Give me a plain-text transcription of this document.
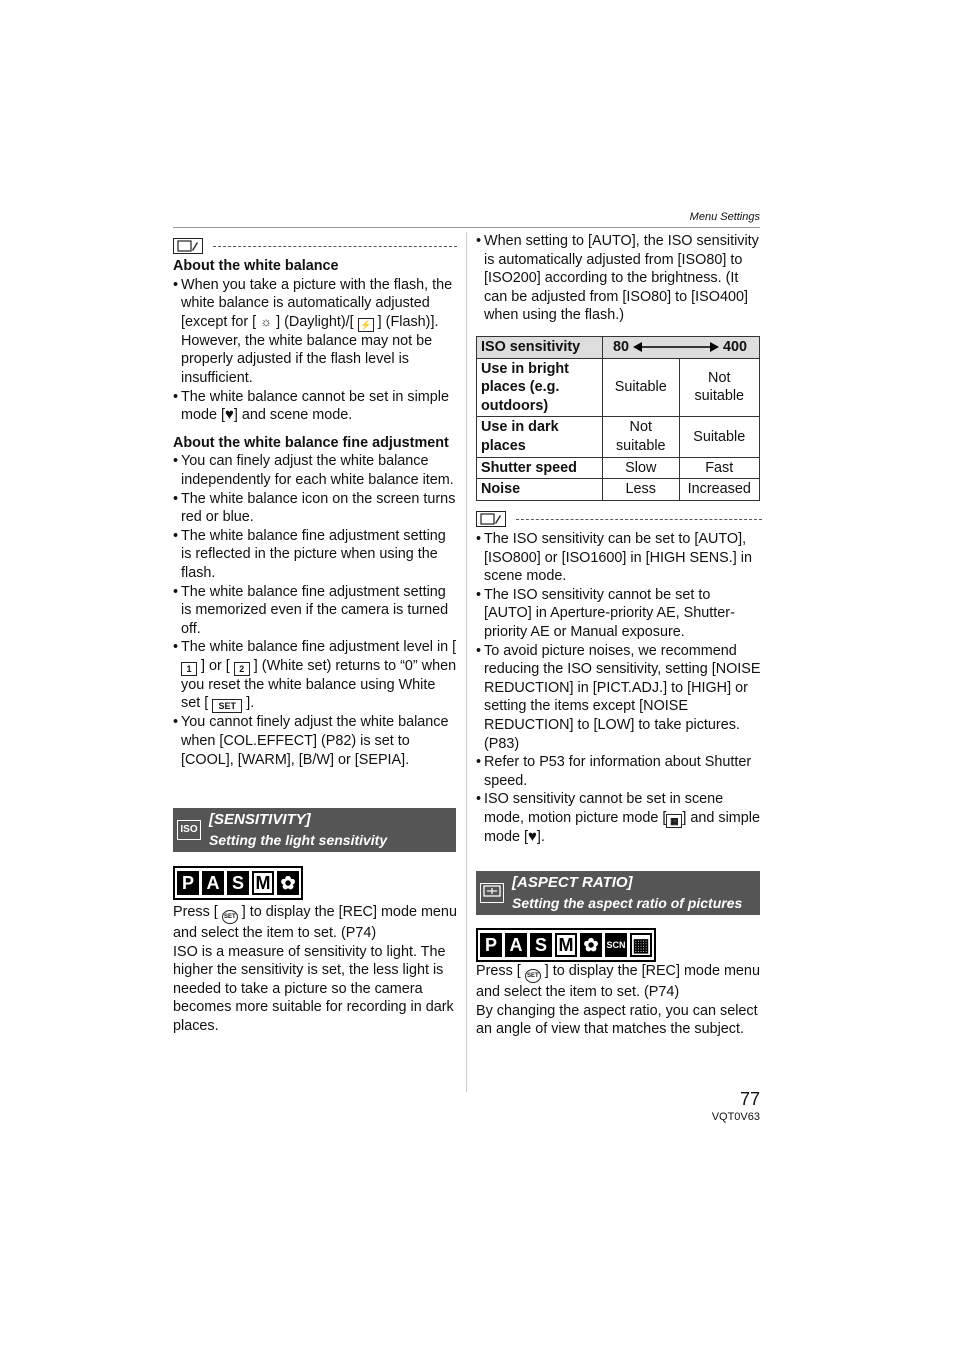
Menu Settings

About the white balance

• When you take a picture with the flash, the white balance is automatically adjusted [except for [ ☼ ] (Daylight)/[ ⚡ ] (Flash)]. However, the white balance may not be properly adjusted if the flash level is insufficient.

• The white balance cannot be set in simple mode [♥] and scene mode.

About the white balance fine adjustment

• You can finely adjust the white balance independently for each white balance item.

• The white balance icon on the screen turns red or blue.

• The white balance fine adjustment setting is reflected in the picture when using the flash.

• The white balance fine adjustment setting is memorized even if the camera is turned off.

• The white balance fine adjustment level in [ 1 ] or [ 2 ] (White set) returns to “0” when you reset the white balance using White set [ SET ].

• You cannot finely adjust the white balance when [COL.EFFECT] (P82) is set to [COOL], [WARM], [B/W] or [SEPIA].

ISO
[SENSITIVITY]
Setting the light sensitivity
P A S M ✿

Press [ SET ] to display the [REC] mode menu and select the item to set. (P74)

ISO is a measure of sensitivity to light. The higher the sensitivity is set, the less light is needed to take a picture so the camera becomes more suitable for recording in dark places.

• When setting to [AUTO], the ISO sensitivity is automatically adjusted from [ISO80] to [ISO200] according to the brightness. (It can be adjusted from [ISO80] to [ISO400] when using the flash.)

ISO sensitivity	80 400	

Use in bright places (e.g. outdoors)	Suitable	Not suitable
Use in dark places	Not suitable	Suitable
Shutter speed	Slow	Fast
Noise	Less	Increased

• The ISO sensitivity can be set to [AUTO], [ISO800] or [ISO1600] in [HIGH SENS.] in scene mode.

• The ISO sensitivity cannot be set to [AUTO] in Aperture-priority AE, Shutter-priority AE or Manual exposure.

• To avoid picture noises, we recommend reducing the ISO sensitivity, setting [NOISE REDUCTION] in [PICT.ADJ.] to [HIGH] or setting the items except [NOISE REDUCTION] to [LOW] to take pictures. (P83)

• Refer to P53 for information about Shutter speed.

• ISO sensitivity cannot be set in scene mode, motion picture mode [ ▦ ] and simple mode [♥].

[ASPECT RATIO]
Setting the aspect ratio of pictures
P A S M ✿ SCN ▦

Press [ SET ] to display the [REC] mode menu and select the item to set. (P74)

By changing the aspect ratio, you can select an angle of view that matches the subject.

77
VQT0V63
